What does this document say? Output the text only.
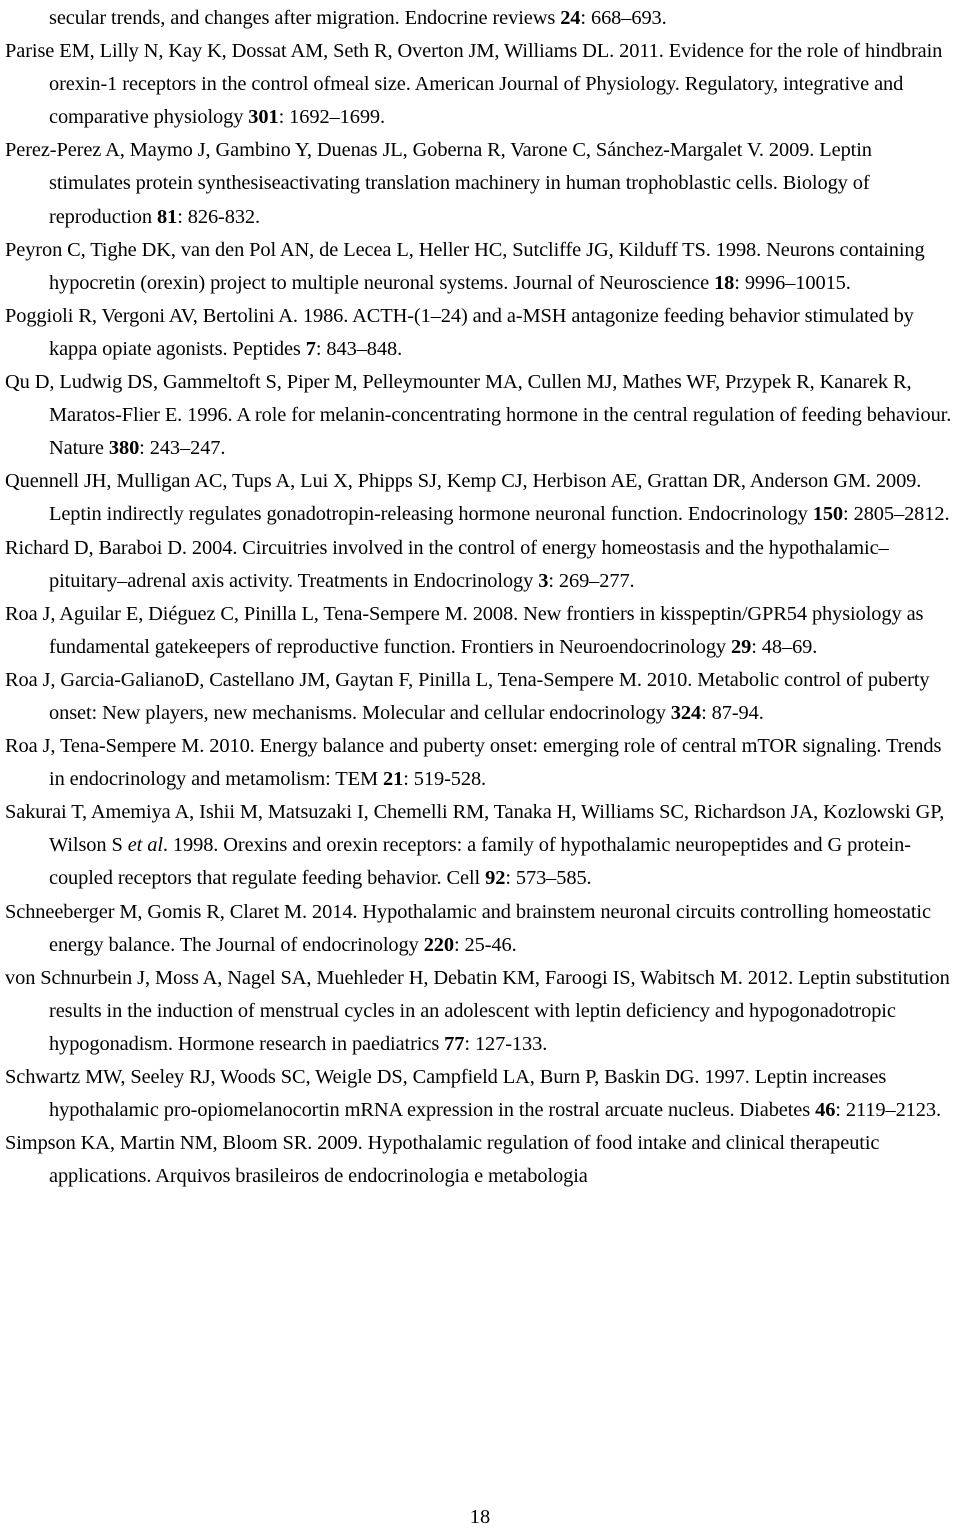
secular trends, and changes after migration. Endocrine reviews 24: 668–693.
Parise EM, Lilly N, Kay K, Dossat AM, Seth R, Overton JM, Williams DL. 2011. Evidence for the role of hindbrain orexin-1 receptors in the control ofmeal size. American Journal of Physiology. Regulatory, integrative and comparative physiology 301: 1692–1699.
Perez-Perez A, Maymo J, Gambino Y, Duenas JL, Goberna R, Varone C, Sánchez-Margalet V. 2009. Leptin stimulates protein synthesiseactivating translation machinery in human trophoblastic cells. Biology of reproduction 81: 826-832.
Peyron C, Tighe DK, van den Pol AN, de Lecea L, Heller HC, Sutcliffe JG, Kilduff TS. 1998. Neurons containing hypocretin (orexin) project to multiple neuronal systems. Journal of Neuroscience 18: 9996–10015.
Poggioli R, Vergoni AV, Bertolini A. 1986. ACTH-(1–24) and a-MSH antagonize feeding behavior stimulated by kappa opiate agonists. Peptides 7: 843–848.
Qu D, Ludwig DS, Gammeltoft S, Piper M, Pelleymounter MA, Cullen MJ, Mathes WF, Przypek R, Kanarek R, Maratos-Flier E. 1996. A role for melanin-concentrating hormone in the central regulation of feeding behaviour. Nature 380: 243–247.
Quennell JH, Mulligan AC, Tups A, Lui X, Phipps SJ, Kemp CJ, Herbison AE, Grattan DR, Anderson GM. 2009. Leptin indirectly regulates gonadotropin-releasing hormone neuronal function. Endocrinology 150: 2805–2812.
Richard D, Baraboi D. 2004. Circuitries involved in the control of energy homeostasis and the hypothalamic–pituitary–adrenal axis activity. Treatments in Endocrinology 3: 269–277.
Roa J, Aguilar E, Diéguez C, Pinilla L, Tena-Sempere M. 2008. New frontiers in kisspeptin/GPR54 physiology as fundamental gatekeepers of reproductive function. Frontiers in Neuroendocrinology 29: 48–69.
Roa J, Garcia-GalianoD, Castellano JM, Gaytan F, Pinilla L, Tena-Sempere M. 2010. Metabolic control of puberty onset: New players, new mechanisms. Molecular and cellular endocrinology 324: 87-94.
Roa J, Tena-Sempere M. 2010. Energy balance and puberty onset: emerging role of central mTOR signaling. Trends in endocrinology and metamolism: TEM 21: 519-528.
Sakurai T, Amemiya A, Ishii M, Matsuzaki I, Chemelli RM, Tanaka H, Williams SC, Richardson JA, Kozlowski GP, Wilson S et al. 1998. Orexins and orexin receptors: a family of hypothalamic neuropeptides and G protein-coupled receptors that regulate feeding behavior. Cell 92: 573–585.
Schneeberger M, Gomis R, Claret M. 2014. Hypothalamic and brainstem neuronal circuits controlling homeostatic energy balance. The Journal of endocrinology 220: 25-46.
von Schnurbein J, Moss A, Nagel SA, Muehleder H, Debatin KM, Faroogi IS, Wabitsch M. 2012. Leptin substitution results in the induction of menstrual cycles in an adolescent with leptin deficiency and hypogonadotropic hypogonadism. Hormone research in paediatrics 77: 127-133.
Schwartz MW, Seeley RJ, Woods SC, Weigle DS, Campfield LA, Burn P, Baskin DG. 1997. Leptin increases hypothalamic pro-opiomelanocortin mRNA expression in the rostral arcuate nucleus. Diabetes 46: 2119–2123.
Simpson KA, Martin NM, Bloom SR. 2009. Hypothalamic regulation of food intake and clinical therapeutic applications. Arquivos brasileiros de endocrinologia e metabologia
18
